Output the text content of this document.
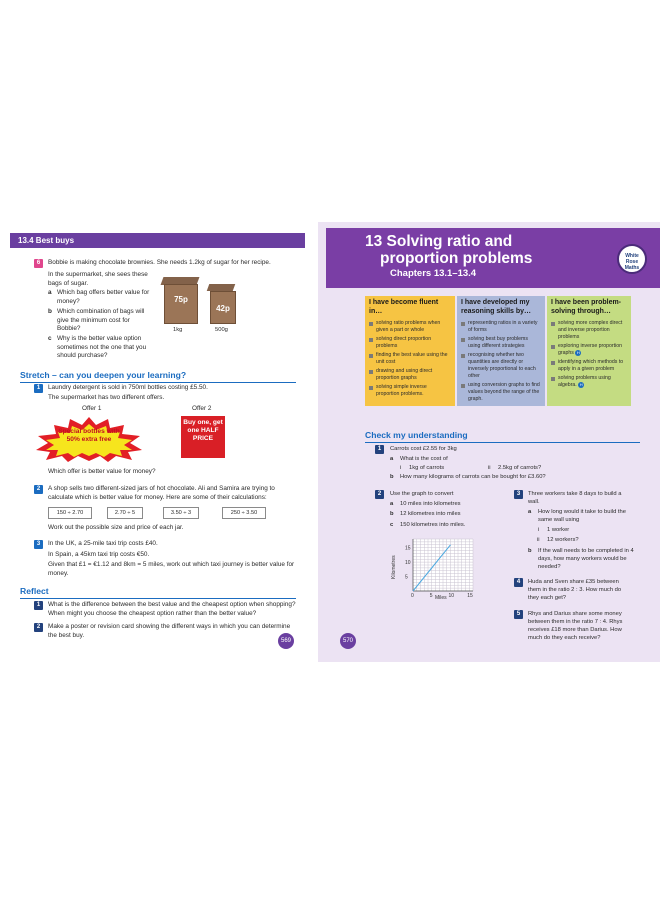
13.4 Best buys
6	Bobbie is making chocolate brownies. She needs 1.2kg of sugar for her recipe.
In the supermarket, she sees these bags of sugar.
a Which bag offers better value for money?
b Which combination of bags will give the minimum cost for Bobbie?
c Why is the better value option sometimes not the one that you should purchase?
75p
1kg
42p
500g
Stretch – can you deepen your learning?
1	Laundry detergent is sold in 750ml bottles costing £5.50.
The supermarket has two different offers.
Offer 1	Offer 2
Special bottles with 50% extra free
Buy one, get one HALF PRICE
Which offer is better value for money?
2	A shop sells two different-sized jars of hot chocolate. Ali and Samira are trying to calculate which is better value for money. Here are some of their calculations:
150 ÷ 2.70	2.70 ÷ 5	3.50 ÷ 3	250 ÷ 3.50
Work out the possible size and price of each jar.
3	In the UK, a 25-mile taxi trip costs £40.
In Spain, a 45km taxi trip costs €50.
Given that £1 = €1.12 and 8km = 5 miles, work out which taxi journey is better value for money.
Reflect
1	What is the difference between the best value and the cheapest option when shopping? When might you choose the cheapest option rather than the better value?
2	Make a poster or revision card showing the different ways in which you can determine the best buy.
569
13 Solving ratio and
proportion problems
Chapters 13.1–13.4
White Rose Maths
I have become fluent in…
solving ratio problems when given a part or whole
solving direct proportion problems
finding the best value using the unit cost
drawing and using direct proportion graphs
solving simple inverse proportion problems.
I have developed my reasoning skills by…
representing ratios in a variety of forms
solving best buy problems using different strategies
recognising whether two quantities are directly or inversely proportional to each other
using conversion graphs to find values beyond the range of the graph.
I have been problem-solving through…
solving more complex direct and inverse proportion problems
exploring inverse proportion graphs H
identifying which methods to apply in a given problem
solving problems using algebra. H
Check my understanding
1	Carrots cost £2.55 for 3kg
a What is the cost of
i 1kg of carrots	ii 2.5kg of carrots?
b How many kilograms of carrots can be bought for £3.60?
2	Use the graph to convert
a 10 miles into kilometres
b 12 kilometres into miles
c 150 kilometres into miles.
0	5	10	15
5
10
15
Miles
Kilometres
3	Three workers take 8 days to build a wall.
a How long would it take to build the same wall using
i 1 worker
ii 12 workers?
b If the wall needs to be completed in 4 days, how many workers would be needed?
4	Huda and Sven share £35 between them in the ratio 2 : 3. How much do they each get?
5	Rhys and Darius share some money between them in the ratio 7 : 4. Rhys receives £18 more than Darius. How much do they each receive?
570
